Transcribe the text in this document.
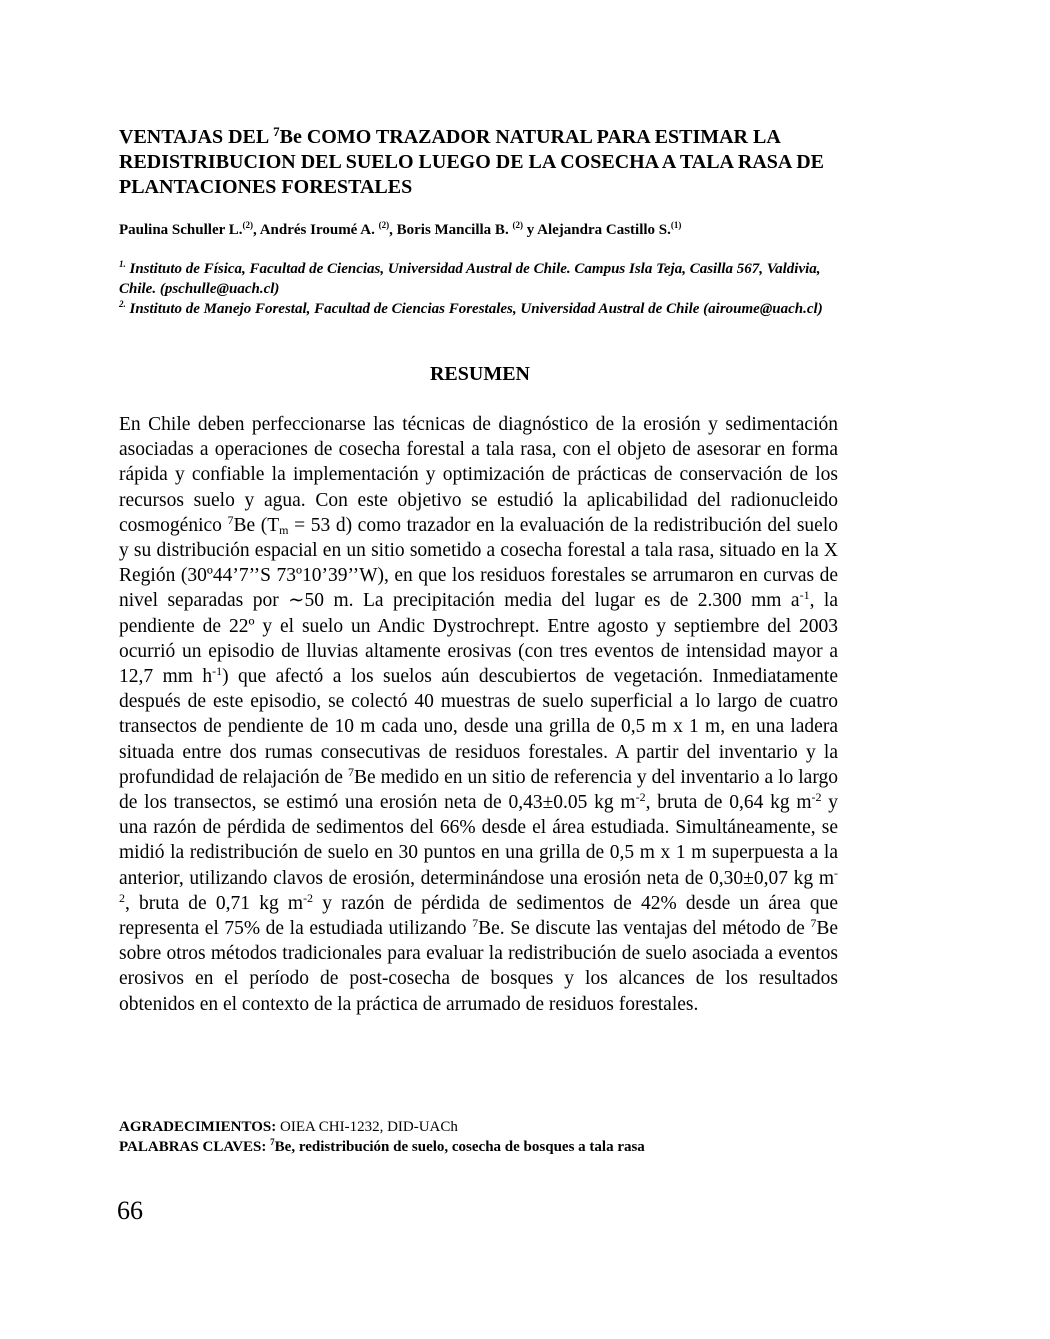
VENTAJAS DEL $^7$Be COMO TRAZADOR NATURAL PARA ESTIMAR LA REDISTRIBUCION DEL SUELO LUEGO DE LA COSECHA A TALA RASA DE PLANTACIONES FORESTALES
Paulina Schuller L.$^{(2)}$, Andrés Iroumé A. $^{(2)}$, Boris Mancilla B. $^{(2)}$ y Alejandra Castillo S.$^{(1)}$

$^{1.}$ Instituto de Física, Facultad de Ciencias, Universidad Austral de Chile. Campus Isla Teja, Casilla 567, Valdivia, Chile. (pschulle@uach.cl)

$^{2.}$ Instituto de Manejo Forestal, Facultad de Ciencias Forestales, Universidad Austral de Chile (airoume@uach.cl)

RESUMEN
En Chile deben perfeccionarse las técnicas de diagnóstico de la erosión y sedimentación asociadas a operaciones de cosecha forestal a tala rasa, con el objeto de asesorar en forma rápida y confiable la implementación y optimización de prácticas de conservación de los recursos suelo y agua. Con este objetivo se estudió la aplicabilidad del radionucleido cosmogénico $^7$Be ($T_m = 53$ d) como trazador en la evaluación de la redistribución del suelo y su distribución espacial en un sitio sometido a cosecha forestal a tala rasa, situado en la X Región (30º44’7’’S 73º10’39’’W), en que los residuos forestales se arrumaron en curvas de nivel separadas por ∼50 m. La precipitación media del lugar es de 2.300 mm $a^{-1}$, la pendiente de 22º y el suelo un Andic Dystrochrept. Entre agosto y septiembre del 2003 ocurrió un episodio de lluvias altamente erosivas (con tres eventos de intensidad mayor a 12,7 mm $h^{-1}$) que afectó a los suelos aún descubiertos de vegetación. Inmediatamente después de este episodio, se colectó 40 muestras de suelo superficial a lo largo de cuatro transectos de pendiente de 10 m cada uno, desde una grilla de 0,5 m x 1 m, en una ladera situada entre dos rumas consecutivas de residuos forestales. A partir del inventario y la profundidad de relajación de $^7$Be medido en un sitio de referencia y del inventario a lo largo de los transectos, se estimó una erosión neta de 0,43±0.05 kg $m^{-2}$, bruta de 0,64 kg $m^{-2}$ y una razón de pérdida de sedimentos del 66% desde el área estudiada. Simultáneamente, se midió la redistribución de suelo en 30 puntos en una grilla de 0,5 m x 1 m superpuesta a la anterior, utilizando clavos de erosión, determinándose una erosión neta de 0,30±0,07 kg $m^{-2}$, bruta de 0,71 kg $m^{-2}$ y razón de pérdida de sedimentos de 42% desde un área que representa el 75% de la estudiada utilizando $^7$Be. Se discute las ventajas del método de $^7$Be sobre otros métodos tradicionales para evaluar la redistribución de suelo asociada a eventos erosivos en el período de post-cosecha de bosques y los alcances de los resultados obtenidos en el contexto de la práctica de arrumado de residuos forestales.
AGRADECIMIENTOS: OIEA CHI-1232, DID-UACh
PALABRAS CLAVES: $^7$Be, redistribución de suelo, cosecha de bosques a tala rasa
66
